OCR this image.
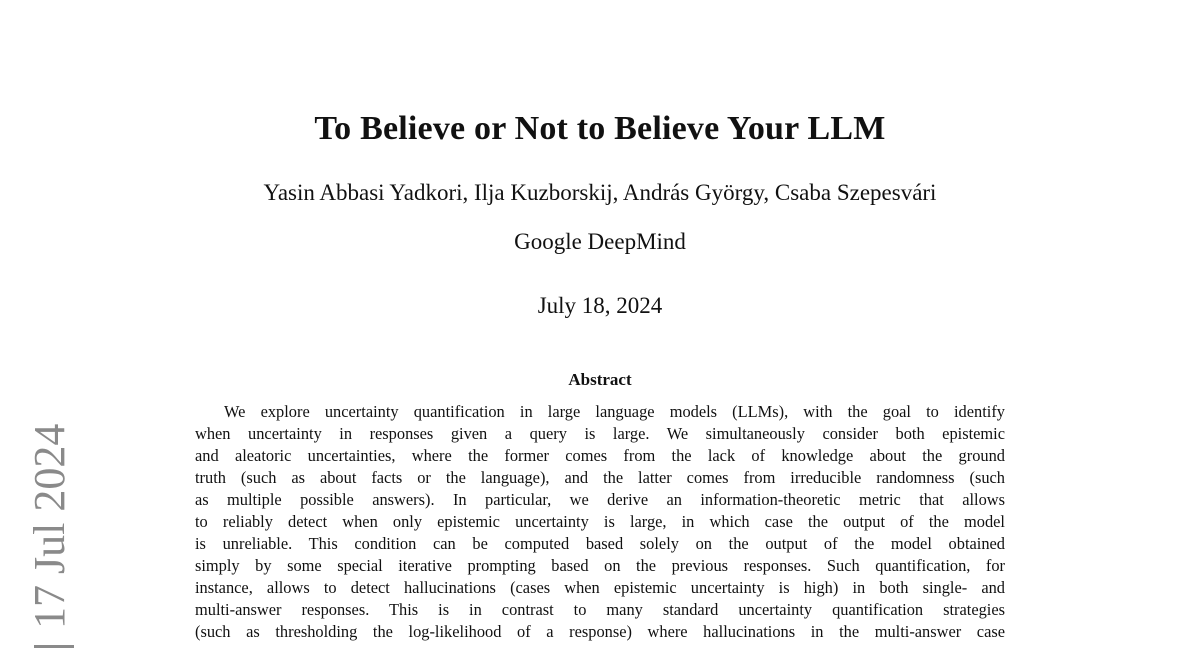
To Believe or Not to Believe Your LLM
Yasin Abbasi Yadkori, Ilja Kuzborskij, András György, Csaba Szepesvári
Google DeepMind
July 18, 2024
Abstract
We explore uncertainty quantification in large language models (LLMs), with the goal to identify
when uncertainty in responses given a query is large. We simultaneously consider both epistemic
and aleatoric uncertainties, where the former comes from the lack of knowledge about the ground
truth (such as about facts or the language), and the latter comes from irreducible randomness (such
as multiple possible answers). In particular, we derive an information-theoretic metric that allows
to reliably detect when only epistemic uncertainty is large, in which case the output of the model
is unreliable. This condition can be computed based solely on the output of the model obtained
simply by some special iterative prompting based on the previous responses. Such quantification, for
instance, allows to detect hallucinations (cases when epistemic uncertainty is high) in both single- and
multi-answer responses. This is in contrast to many standard uncertainty quantification strategies
(such as thresholding the log-likelihood of a response) where hallucinations in the multi-answer case
17 Jul 2024
